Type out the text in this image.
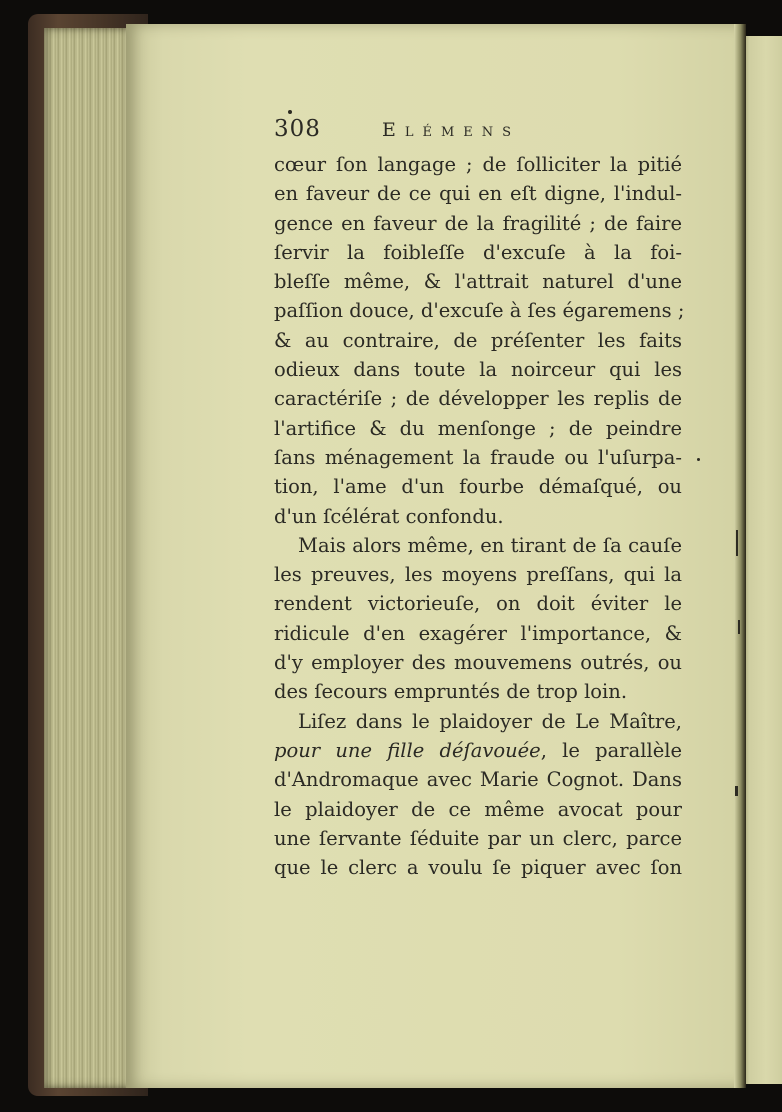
308	Elémens
cœur ſon langage ; de ſolliciter la pitié
en faveur de ce qui en eſt digne, l'indul-
gence en faveur de la fragilité ; de faire
ſervir la foibleſſe d'excuſe à la foi-
bleſſe même, & l'attrait naturel d'une
paſſion douce, d'excuſe à ſes égaremens ;
& au contraire, de préſenter les faits
odieux dans toute la noirceur qui les
caractériſe ; de développer les replis de
l'artifice & du menſonge ; de peindre
ſans ménagement la fraude ou l'uſurpa-
tion, l'ame d'un fourbe démaſqué, ou
d'un ſcélérat confondu.
Mais alors même, en tirant de ſa cauſe
les preuves, les moyens preſſans, qui la
rendent victorieuſe, on doit éviter le
ridicule d'en exagérer l'importance, &
d'y employer des mouvemens outrés, ou
des ſecours empruntés de trop loin.
Liſez dans le plaidoyer de Le Maître,
pour une fille déſavouée, le parallèle
d'Andromaque avec Marie Cognot. Dans
le plaidoyer de ce même avocat pour
une ſervante ſéduite par un clerc, parce
que le clerc a voulu ſe piquer avec ſon
